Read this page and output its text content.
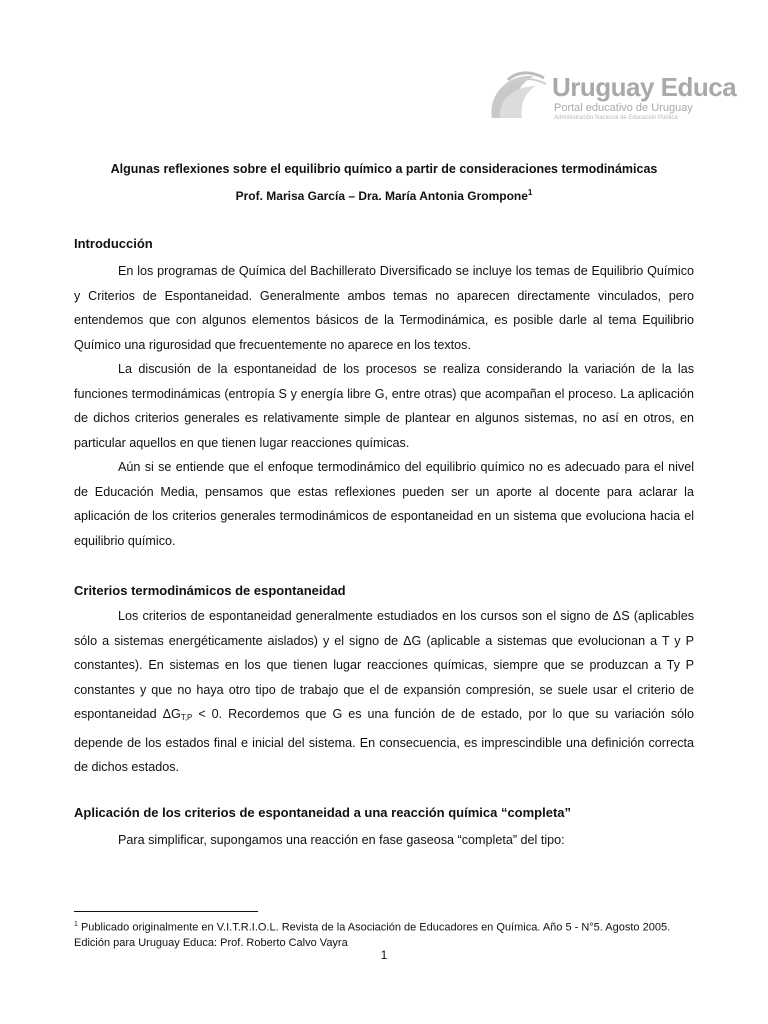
Uruguay Educa
Portal educativo de Uruguay
Administración Nacional de Educación Pública
Algunas reflexiones sobre el equilibrio químico a partir de consideraciones termodinámicas
Prof. Marisa García – Dra. María Antonia Grompone$^1$
Introducción
En los programas de Química del Bachillerato Diversificado se incluye los temas de Equilibrio Químico y Criterios de Espontaneidad. Generalmente ambos temas no aparecen directamente vinculados, pero entendemos que con algunos elementos básicos de la Termodinámica, es posible darle al tema Equilibrio Químico una rigurosidad que frecuentemente no aparece en los textos.
La discusión de la espontaneidad de los procesos se realiza considerando la variación de la las funciones termodinámicas (entropía S y energía libre G, entre otras) que acompañan el proceso. La aplicación de dichos criterios generales es relativamente simple de plantear en algunos sistemas, no así en otros, en particular aquellos en que tienen lugar reacciones químicas.
Aún si se entiende que el enfoque termodinámico del equilibrio químico no es adecuado para el nivel de Educación Media, pensamos que estas reflexiones pueden ser un aporte al docente para aclarar la aplicación de los criterios generales termodinámicos de espontaneidad en un sistema que evoluciona hacia el equilibrio químico.
Criterios termodinámicos de espontaneidad
Los criterios de espontaneidad generalmente estudiados en los cursos son el signo de ΔS (aplicables sólo a sistemas energéticamente aislados) y el signo de ΔG (aplicable a sistemas que evolucionan a T y P constantes). En sistemas en los que tienen lugar reacciones químicas, siempre que se produzcan a Ty P constantes y que no haya otro tipo de trabajo que el de expansión compresión, se suele usar el criterio de espontaneidad $\Delta G_{T,P} < 0$. Recordemos que G es una función de de estado, por lo que su variación sólo depende de los estados final e inicial del sistema. En consecuencia, es imprescindible una definición correcta de dichos estados.
Aplicación de los criterios de espontaneidad a una reacción química “completa”
Para simplificar, supongamos una reacción en fase gaseosa “completa” del tipo:
$^1$ Publicado originalmente en V.I.T.R.I.O.L. Revista de la Asociación de Educadores en Química. Año 5 - N°5. Agosto 2005. Edición para Uruguay Educa: Prof. Roberto Calvo Vayra
1
